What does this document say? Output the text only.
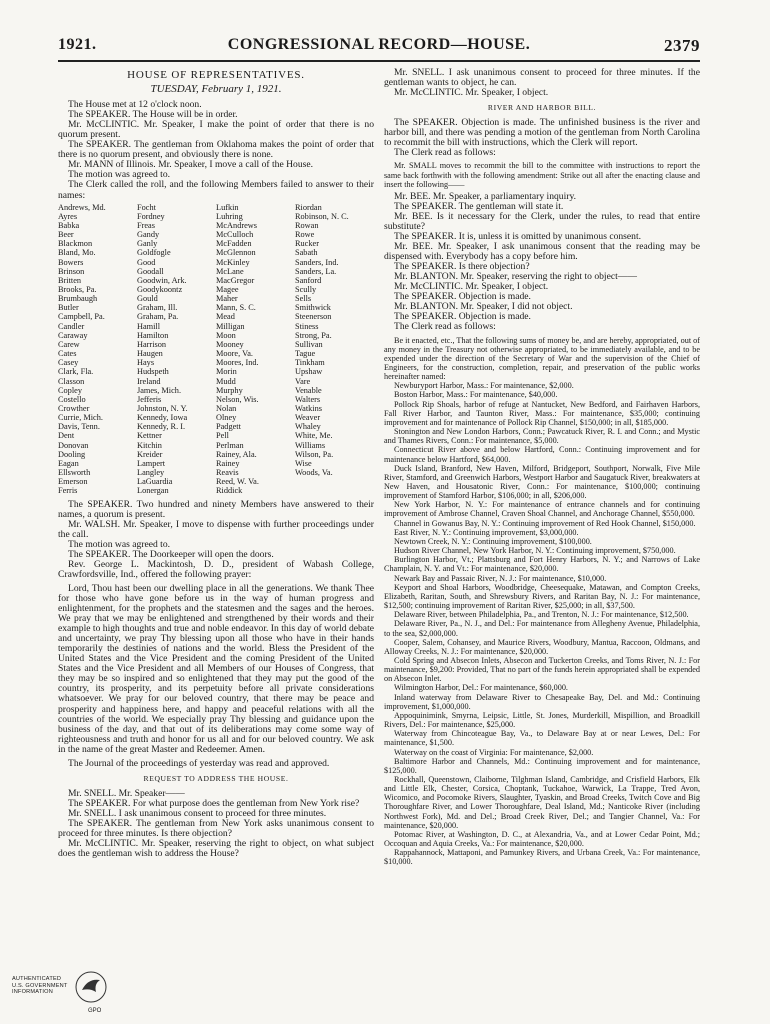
1921.	CONGRESSIONAL RECORD—HOUSE.	2379
HOUSE OF REPRESENTATIVES.
TUESDAY, February 1, 1921.

The House met at 12 o'clock noon.

The SPEAKER. The House will be in order.

Mr. McCLINTIC. Mr. Speaker, I make the point of order that there is no quorum present.

The SPEAKER. The gentleman from Oklahoma makes the point of order that there is no quorum present, and obviously there is none.

Mr. MANN of Illinois. Mr. Speaker, I move a call of the House.

The motion was agreed to.

The Clerk called the roll, and the following Members failed to answer to their names:

Andrews, Md.
Ayres
Babka
Beer
Blackmon
Bland, Mo.
Bowers
Brinson
Britten
Brooks, Pa.
Brumbaugh
Butler
Campbell, Pa.
Candler
Caraway
Carew
Cates
Casey
Clark, Fla.
Classon
Copley
Costello
Crowther
Currie, Mich.
Davis, Tenn.
Dent
Donovan
Dooling
Eagan
Ellsworth
Emerson
Ferris
Focht
Fordney
Freas
Gandy
Ganly
Goldfogle
Good
Goodall
Goodwin, Ark.
Goodykoontz
Gould
Graham, Ill.
Graham, Pa.
Hamill
Hamilton
Harrison
Haugen
Hays
Hudspeth
Ireland
James, Mich.
Jefferis
Johnston, N. Y.
Kennedy, Iowa
Kennedy, R. I.
Kettner
Kitchin
Kreider
Lampert
Langley
LaGuardia
Lonergan
Lufkin
Luhring
McAndrews
McCulloch
McFadden
McGlennon
McKinley
McLane
MacGregor
Magee
Maher
Mann, S. C.
Mead
Milligan
Moon
Mooney
Moore, Va.
Moores, Ind.
Morin
Mudd
Murphy
Nelson, Wis.
Nolan
Olney
Padgett
Pell
Perlman
Rainey, Ala.
Rainey
Reavis
Reed, W. Va.
Riddick
Riordan
Robinson, N. C.
Rowan
Rowe
Rucker
Sabath
Sanders, Ind.
Sanders, La.
Sanford
Scully
Sells
Smithwick
Steenerson
Stiness
Strong, Pa.
Sullivan
Tague
Tinkham
Upshaw
Vare
Venable
Walters
Watkins
Weaver
Whaley
White, Me.
Williams
Wilson, Pa.
Wise
Woods, Va.

The SPEAKER. Two hundred and ninety Members have answered to their names, a quorum is present.

Mr. WALSH. Mr. Speaker, I move to dispense with further proceedings under the call.

The motion was agreed to.

The SPEAKER. The Doorkeeper will open the doors.

Rev. George L. Mackintosh, D. D., president of Wabash College, Crawfordsville, Ind., offered the following prayer:

Lord, Thou hast been our dwelling place in all the generations. We thank Thee for those who have gone before us in the way of human progress and enlightenment, for the prophets and the statesmen and the sages and the heroes. We pray that we may be enlightened and strengthened by their words and their example to high thoughts and true and noble endeavor. In this day of world debate and uncertainty, we pray Thy blessing upon all those who have in their hands temporarily the destinies of nations and the world. Bless the President of the United States and the Vice President and the coming President of the United States and the Vice President and all Members of our Houses of Congress, that they may be so inspired and so enlightened that they may put the good of the country, its prosperity, and its perpetuity before all private considerations whatsoever. We pray for our beloved country, that there may be peace and prosperity and happiness here, and happy and peaceful relations with all the countries of the world. We especially pray Thy blessing and guidance upon the business of the day, and that out of its deliberations may come some way of righteousness and truth and honor for us all and for our beloved country. We ask in the name of the great Master and Redeemer. Amen.

The Journal of the proceedings of yesterday was read and approved.

REQUEST TO ADDRESS THE HOUSE.

Mr. SNELL. Mr. Speaker——

The SPEAKER. For what purpose does the gentleman from New York rise?

Mr. SNELL. I ask unanimous consent to proceed for three minutes.

The SPEAKER. The gentleman from New York asks unanimous consent to proceed for three minutes. Is there objection?

Mr. McCLINTIC. Mr. Speaker, reserving the right to object, on what subject does the gentleman wish to address the House?

Mr. SNELL. I ask unanimous consent to proceed for three minutes. If the gentleman wants to object, he can.

Mr. McCLINTIC. Mr. Speaker, I object.

RIVER AND HARBOR BILL.

The SPEAKER. Objection is made. The unfinished business is the river and harbor bill, and there was pending a motion of the gentleman from North Carolina to recommit the bill with instructions, which the Clerk will report.

The Clerk read as follows:

Mr. SMALL moves to recommit the bill to the committee with instructions to report the same back forthwith with the following amendment: Strike out all after the enacting clause and insert the following——

Mr. BEE. Mr. Speaker, a parliamentary inquiry.

The SPEAKER. The gentleman will state it.

Mr. BEE. Is it necessary for the Clerk, under the rules, to read that entire substitute?

The SPEAKER. It is, unless it is omitted by unanimous consent.

Mr. BEE. Mr. Speaker, I ask unanimous consent that the reading may be dispensed with. Everybody has a copy before him.

The SPEAKER. Is there objection?

Mr. BLANTON. Mr. Speaker, reserving the right to object——

Mr. McCLINTIC. Mr. Speaker, I object.

The SPEAKER. Objection is made.

Mr. BLANTON. Mr. Speaker, I did not object.

The SPEAKER. Objection is made.

The Clerk read as follows:

Be it enacted, etc., That the following sums of money be, and are hereby, appropriated, out of any money in the Treasury not otherwise appropriated, to be immediately available, and to be expended under the direction of the Secretary of War and the supervision of the Chief of Engineers, for the construction, completion, repair, and preservation of the public works hereinafter named:

Newburyport Harbor, Mass.: For maintenance, $2,000.

Boston Harbor, Mass.: For maintenance, $40,000.

Pollock Rip Shoals, harbor of refuge at Nantucket, New Bedford, and Fairhaven Harbors, Fall River Harbor, and Taunton River, Mass.: For maintenance, $35,000; continuing improvement and for maintenance of Pollock Rip Channel, $150,000; in all, $185,000.

Stonington and New London Harbors, Conn.; Pawcatuck River, R. I. and Conn.; and Mystic and Thames Rivers, Conn.: For maintenance, $5,000.

Connecticut River above and below Hartford, Conn.: Continuing improvement and for maintenance below Hartford, $64,000.

Duck Island, Branford, New Haven, Milford, Bridgeport, Southport, Norwalk, Five Mile River, Stamford, and Greenwich Harbors, Westport Harbor and Saugatuck River, breakwaters at New Haven, and Housatonic River, Conn.: For maintenance, $100,000; continuing improvement of Stamford Harbor, $106,000; in all, $206,000.

New York Harbor, N. Y.: For maintenance of entrance channels and for continuing improvement of Ambrose Channel, Craven Shoal Channel, and Anchorage Channel, $550,000.

Channel in Gowanus Bay, N. Y.: Continuing improvement of Red Hook Channel, $150,000.

East River, N. Y.: Continuing improvement, $3,000,000.

Newtown Creek, N. Y.: Continuing improvement, $100,000.

Hudson River Channel, New York Harbor, N. Y.: Continuing improvement, $750,000.

Burlington Harbor, Vt.; Plattsburg and Fort Henry Harbors, N. Y.; and Narrows of Lake Champlain, N. Y. and Vt.: For maintenance, $20,000.

Newark Bay and Passaic River, N. J.: For maintenance, $10,000.

Keyport and Shoal Harbors, Woodbridge, Cheesequake, Matawan, and Compton Creeks, Elizabeth, Raritan, South, and Shrewsbury Rivers, and Raritan Bay, N. J.: For maintenance, $12,500; continuing improvement of Raritan River, $25,000; in all, $37,500.

Delaware River, between Philadelphia, Pa., and Trenton, N. J.: For maintenance, $12,500.

Delaware River, Pa., N. J., and Del.: For maintenance from Allegheny Avenue, Philadelphia, to the sea, $2,000,000.

Cooper, Salem, Cohansey, and Maurice Rivers, Woodbury, Mantua, Raccoon, Oldmans, and Alloway Creeks, N. J.: For maintenance, $20,000.

Cold Spring and Absecon Inlets, Absecon and Tuckerton Creeks, and Toms River, N. J.: For maintenance, $9,200: Provided, That no part of the funds herein appropriated shall be expended on Absecon Inlet.

Wilmington Harbor, Del.: For maintenance, $60,000.

Inland waterway from Delaware River to Chesapeake Bay, Del. and Md.: Continuing improvement, $1,000,000.

Appoquinimink, Smyrna, Leipsic, Little, St. Jones, Murderkill, Mispillion, and Broadkill Rivers, Del.: For maintenance, $25,000.

Waterway from Chincoteague Bay, Va., to Delaware Bay at or near Lewes, Del.: For maintenance, $1,500.

Waterway on the coast of Virginia: For maintenance, $2,000.

Baltimore Harbor and Channels, Md.: Continuing improvement and for maintenance, $125,000.

Rockhall, Queenstown, Claiborne, Tilghman Island, Cambridge, and Crisfield Harbors, Elk and Little Elk, Chester, Corsica, Choptank, Tuckahoe, Warwick, La Trappe, Tred Avon, Wicomico, and Pocomoke Rivers, Slaughter, Tyaskin, and Broad Creeks, Twitch Cove and Big Thoroughfare River, and Lower Thoroughfare, Deal Island, Md.; Nanticoke River (including Northwest Fork), Md. and Del.; Broad Creek River, Del.; and Tangier Channel, Va.: For maintenance, $20,000.

Potomac River, at Washington, D. C., at Alexandria, Va., and at Lower Cedar Point, Md.; Occoquan and Aquia Creeks, Va.: For maintenance, $20,000.

Rappahannock, Mattaponi, and Pamunkey Rivers, and Urbana Creek, Va.: For maintenance, $10,000.

AUTHENTICATED
U.S. GOVERNMENT
INFORMATION
GPO
